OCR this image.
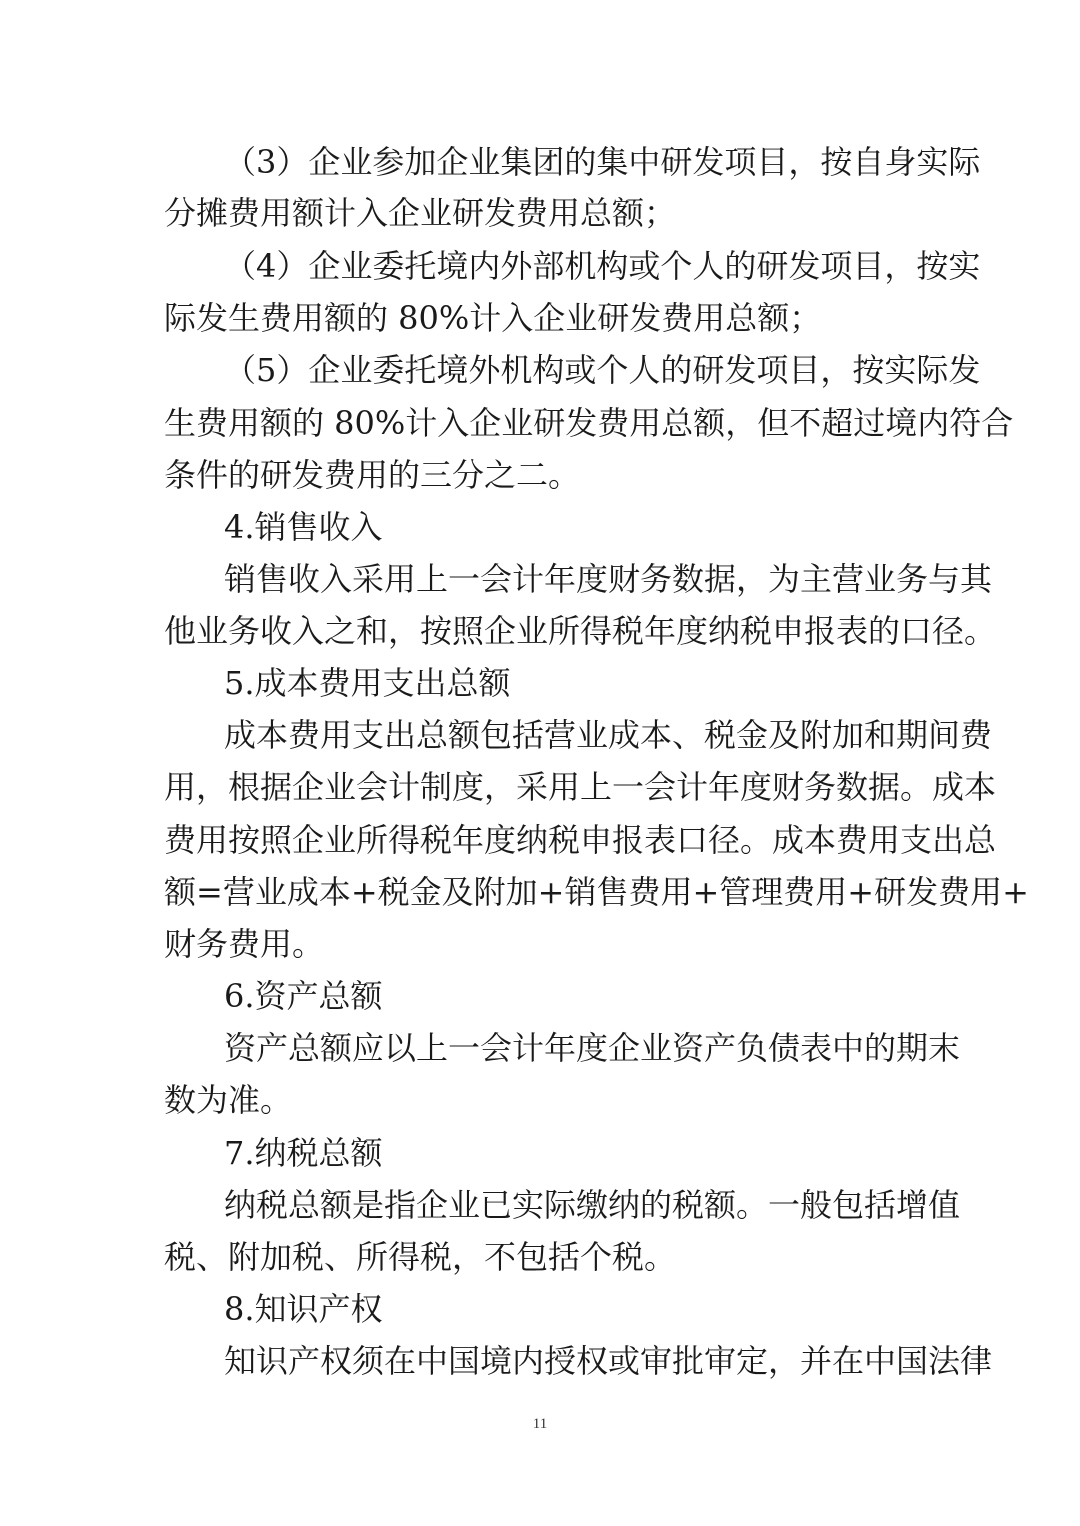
（3）企业参加企业集团的集中研发项目，按自身实际
分摊费用额计入企业研发费用总额；
（4）企业委托境内外部机构或个人的研发项目，按实
际发生费用额的 80%计入企业研发费用总额；
（5）企业委托境外机构或个人的研发项目，按实际发
生费用额的 80%计入企业研发费用总额，但不超过境内符合
条件的研发费用的三分之二。
4.销售收入
销售收入采用上一会计年度财务数据，为主营业务与其
他业务收入之和，按照企业所得税年度纳税申报表的口径。
5.成本费用支出总额
成本费用支出总额包括营业成本、税金及附加和期间费
用，根据企业会计制度，采用上一会计年度财务数据。成本
费用按照企业所得税年度纳税申报表口径。成本费用支出总
额=营业成本+税金及附加+销售费用+管理费用+研发费用+
财务费用。
6.资产总额
资产总额应以上一会计年度企业资产负债表中的期末
数为准。
7.纳税总额
纳税总额是指企业已实际缴纳的税额。一般包括增值
税、附加税、所得税，不包括个税。
8.知识产权
知识产权须在中国境内授权或审批审定，并在中国法律
11
